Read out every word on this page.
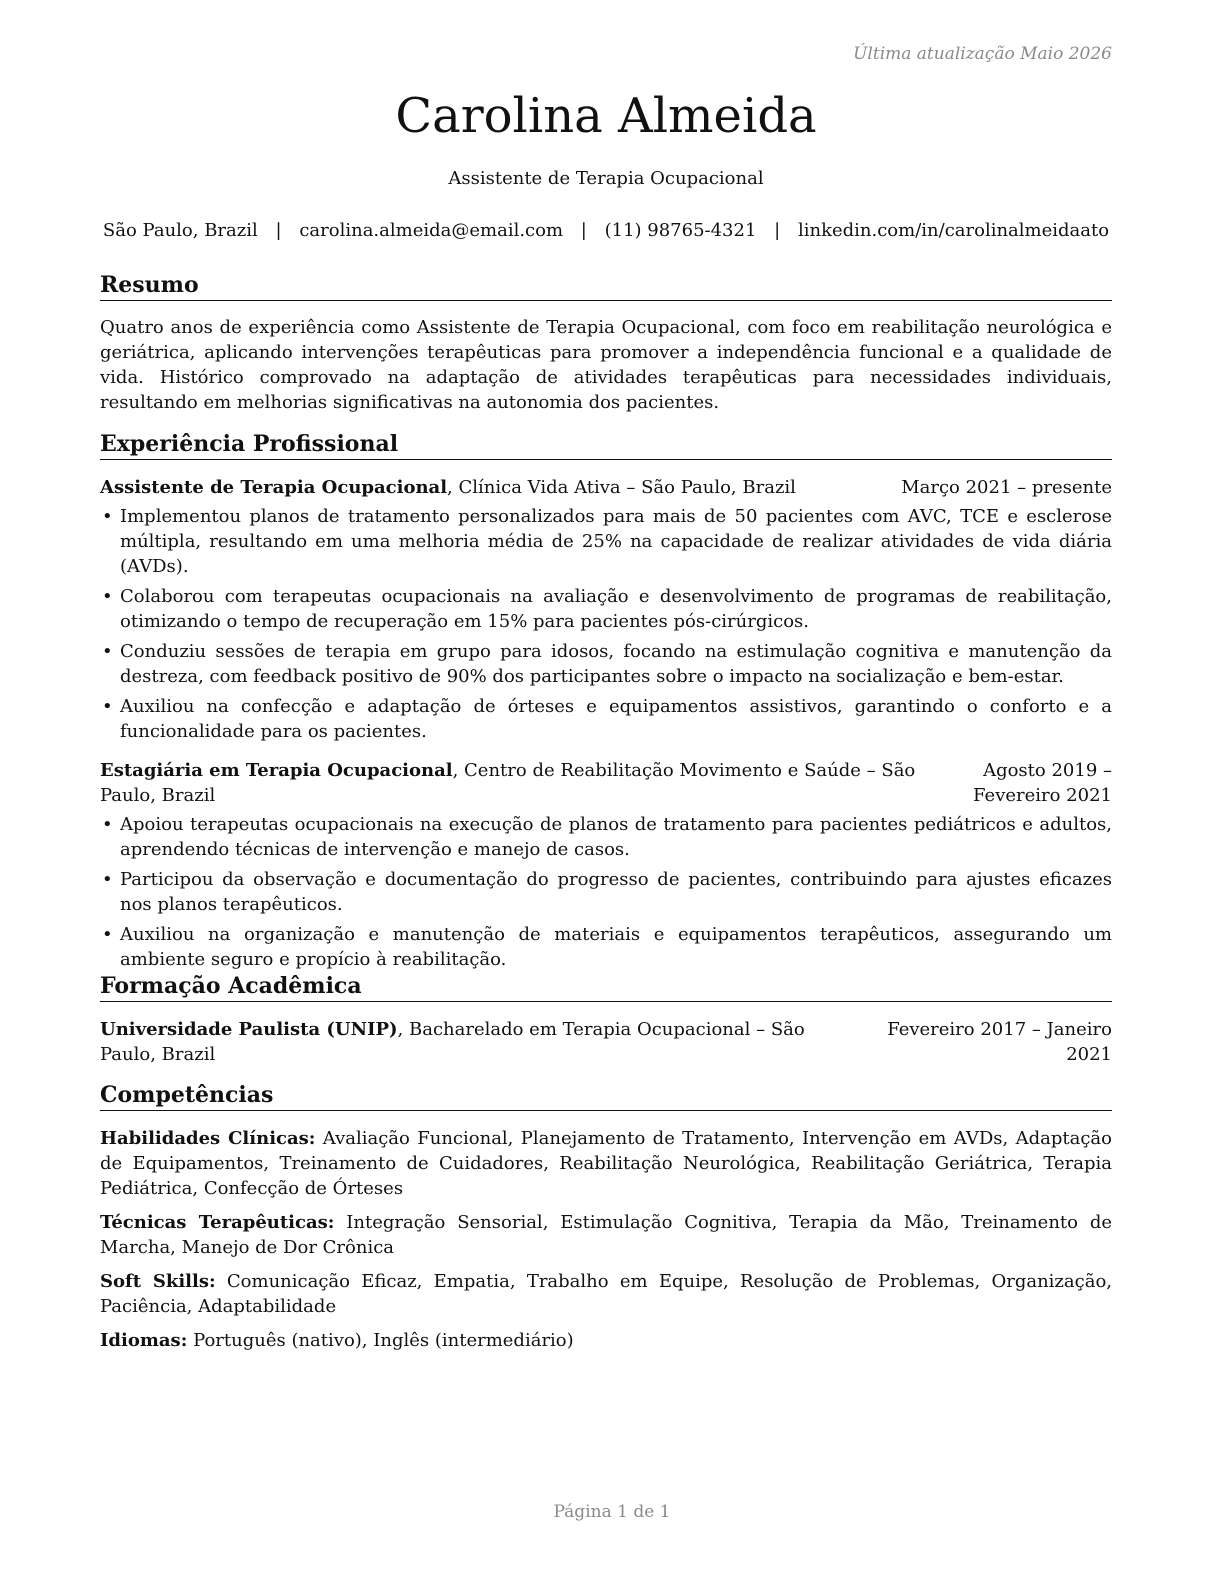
Última atualização Maio 2026
Carolina Almeida
Assistente de Terapia Ocupacional
São Paulo, Brazil | carolina.almeida@email.com | (11) 98765-4321 | linkedin.com/in/carolinalmeidaato
Resumo
Quatro anos de experiência como Assistente de Terapia Ocupacional, com foco em reabilitação neurológica e geriátrica, aplicando intervenções terapêuticas para promover a independência funcional e a qualidade de vida. Histórico comprovado na adaptação de atividades terapêuticas para necessidades individuais, resultando em melhorias significativas na autonomia dos pacientes.
Experiência Profissional
Assistente de Terapia Ocupacional, Clínica Vida Ativa – São Paulo, Brazil	Março 2021 – presente
• Implementou planos de tratamento personalizados para mais de 50 pacientes com AVC, TCE e esclerose múltipla, resultando em uma melhoria média de 25% na capacidade de realizar atividades de vida diária (AVDs).
• Colaborou com terapeutas ocupacionais na avaliação e desenvolvimento de programas de reabilitação, otimizando o tempo de recuperação em 15% para pacientes pós-cirúrgicos.
• Conduziu sessões de terapia em grupo para idosos, focando na estimulação cognitiva e manutenção da destreza, com feedback positivo de 90% dos participantes sobre o impacto na socialização e bem-estar.
• Auxiliou na confecção e adaptação de órteses e equipamentos assistivos, garantindo o conforto e a funcionalidade para os pacientes.
Estagiária em Terapia Ocupacional, Centro de Reabilitação Movimento e Saúde – São Paulo, Brazil
Agosto 2019 – Fevereiro 2021
• Apoiou terapeutas ocupacionais na execução de planos de tratamento para pacientes pediátricos e adultos, aprendendo técnicas de intervenção e manejo de casos.
• Participou da observação e documentação do progresso de pacientes, contribuindo para ajustes eficazes nos planos terapêuticos.
• Auxiliou na organização e manutenção de materiais e equipamentos terapêuticos, assegurando um ambiente seguro e propício à reabilitação.
Formação Acadêmica
Universidade Paulista (UNIP), Bacharelado em Terapia Ocupacional – São Paulo, Brazil
Fevereiro 2017 – Janeiro 2021
Competências
Habilidades Clínicas: Avaliação Funcional, Planejamento de Tratamento, Intervenção em AVDs, Adaptação de Equipamentos, Treinamento de Cuidadores, Reabilitação Neurológica, Reabilitação Geriátrica, Terapia Pediátrica, Confecção de Órteses
Técnicas Terapêuticas: Integração Sensorial, Estimulação Cognitiva, Terapia da Mão, Treinamento de Marcha, Manejo de Dor Crônica
Soft Skills: Comunicação Eficaz, Empatia, Trabalho em Equipe, Resolução de Problemas, Organização, Paciência, Adaptabilidade
Idiomas: Português (nativo), Inglês (intermediário)
Página 1 de 1
